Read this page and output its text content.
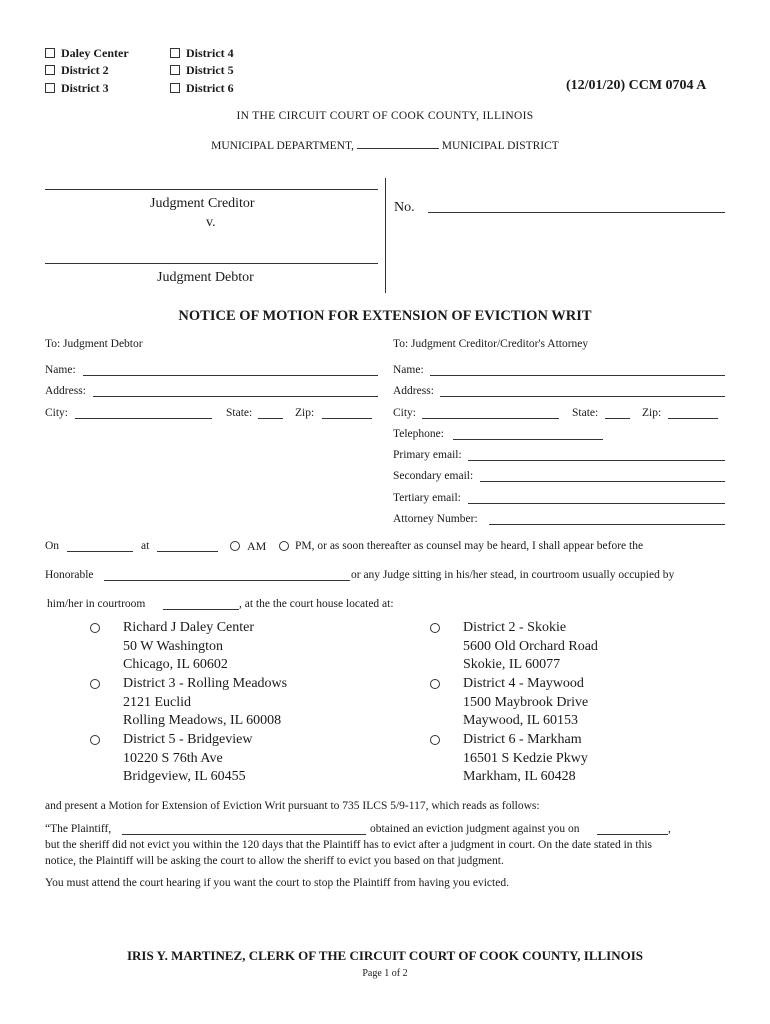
Daley Center
District 2
District 3
District 4
District 5
District 6	(12/01/20) CCM 0704 A
IN THE CIRCUIT COURT OF COOK COUNTY, ILLINOIS
MUNICIPAL DEPARTMENT,	MUNICIPAL DISTRICT
Judgment Creditor
v.
Judgment Debtor
No.
NOTICE OF MOTION FOR EXTENSION OF EVICTION WRIT
To: Judgment Debtor
Name:
Address:
City:	State:	Zip:
To: Judgment Creditor/Creditor's Attorney
Name:
Address:
City:	State:	Zip:
Telephone:
Primary email:
Secondary email:
Tertiary email:
Attorney Number:
On	at	AM PM, or as soon thereafter as counsel may be heard, I shall appear before the
Honorable	or any Judge sitting in his/her stead, in courtroom usually occupied by
him/her in courtroom	, at the the court house located at:
Richard J Daley Center
50 W Washington
Chicago, IL 60602
District 2 - Skokie
5600 Old Orchard Road
Skokie, IL 60077
District 3 - Rolling Meadows
2121 Euclid
Rolling Meadows, IL 60008
District 4 - Maywood
1500 Maybrook Drive
Maywood, IL 60153
District 5 - Bridgeview
10220 S 76th Ave
Bridgeview, IL 60455
District 6 - Markham
16501 S Kedzie Pkwy
Markham, IL 60428
and present a Motion for Extension of Eviction Writ pursuant to 735 ILCS 5/9-117, which reads as follows:
“The Plaintiff,	obtained an eviction judgment against you on	,
but the sheriff did not evict you within the 120 days that the Plaintiff has to evict after a judgment in court. On the date stated in this
notice, the Plaintiff will be asking the court to allow the sheriff to evict you based on that judgment.
You must attend the court hearing if you want the court to stop the Plaintiff from having you evicted.
IRIS Y. MARTINEZ, CLERK OF THE CIRCUIT COURT OF COOK COUNTY, ILLINOIS
Page 1 of 2
